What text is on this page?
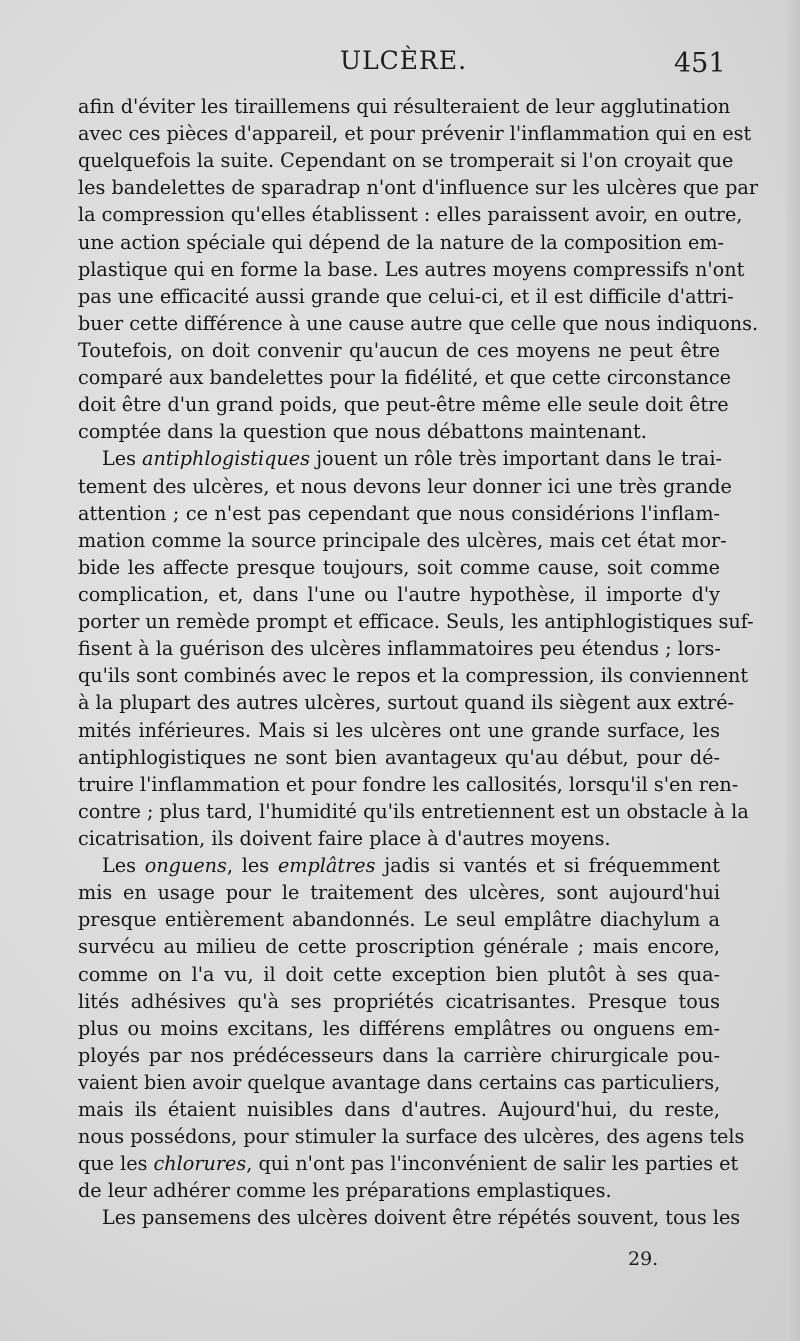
ULCÈRE.	451
afin d'éviter les tiraillemens qui résulteraient de leur agglutination
avec ces pièces d'appareil, et pour prévenir l'inflammation qui en est
quelquefois la suite. Cependant on se tromperait si l'on croyait que
les bandelettes de sparadrap n'ont d'influence sur les ulcères que par
la compression qu'elles établissent : elles paraissent avoir, en outre,
une action spéciale qui dépend de la nature de la composition em-
plastique qui en forme la base. Les autres moyens compressifs n'ont
pas une efficacité aussi grande que celui-ci, et il est difficile d'attri-
buer cette différence à une cause autre que celle que nous indiquons.
Toutefois, on doit convenir qu'aucun de ces moyens ne peut être
comparé aux bandelettes pour la fidélité, et que cette circonstance
doit être d'un grand poids, que peut-être même elle seule doit être
comptée dans la question que nous débattons maintenant.
Les antiphlogistiques jouent un rôle très important dans le trai-
tement des ulcères, et nous devons leur donner ici une très grande
attention ; ce n'est pas cependant que nous considérions l'inflam-
mation comme la source principale des ulcères, mais cet état mor-
bide les affecte presque toujours, soit comme cause, soit comme
complication, et, dans l'une ou l'autre hypothèse, il importe d'y
porter un remède prompt et efficace. Seuls, les antiphlogistiques suf-
fisent à la guérison des ulcères inflammatoires peu étendus ; lors-
qu'ils sont combinés avec le repos et la compression, ils conviennent
à la plupart des autres ulcères, surtout quand ils siègent aux extré-
mités inférieures. Mais si les ulcères ont une grande surface, les
antiphlogistiques ne sont bien avantageux qu'au début, pour dé-
truire l'inflammation et pour fondre les callosités, lorsqu'il s'en ren-
contre ; plus tard, l'humidité qu'ils entretiennent est un obstacle à la
cicatrisation, ils doivent faire place à d'autres moyens.
Les onguens, les emplâtres jadis si vantés et si fréquemment
mis en usage pour le traitement des ulcères, sont aujourd'hui
presque entièrement abandonnés. Le seul emplâtre diachylum a
survécu au milieu de cette proscription générale ; mais encore,
comme on l'a vu, il doit cette exception bien plutôt à ses qua-
lités adhésives qu'à ses propriétés cicatrisantes. Presque tous
plus ou moins excitans, les différens emplâtres ou onguens em-
ployés par nos prédécesseurs dans la carrière chirurgicale pou-
vaient bien avoir quelque avantage dans certains cas particuliers,
mais ils étaient nuisibles dans d'autres. Aujourd'hui, du reste,
nous possédons, pour stimuler la surface des ulcères, des agens tels
que les chlorures, qui n'ont pas l'inconvénient de salir les parties et
de leur adhérer comme les préparations emplastiques.
Les pansemens des ulcères doivent être répétés souvent, tous les
29.
